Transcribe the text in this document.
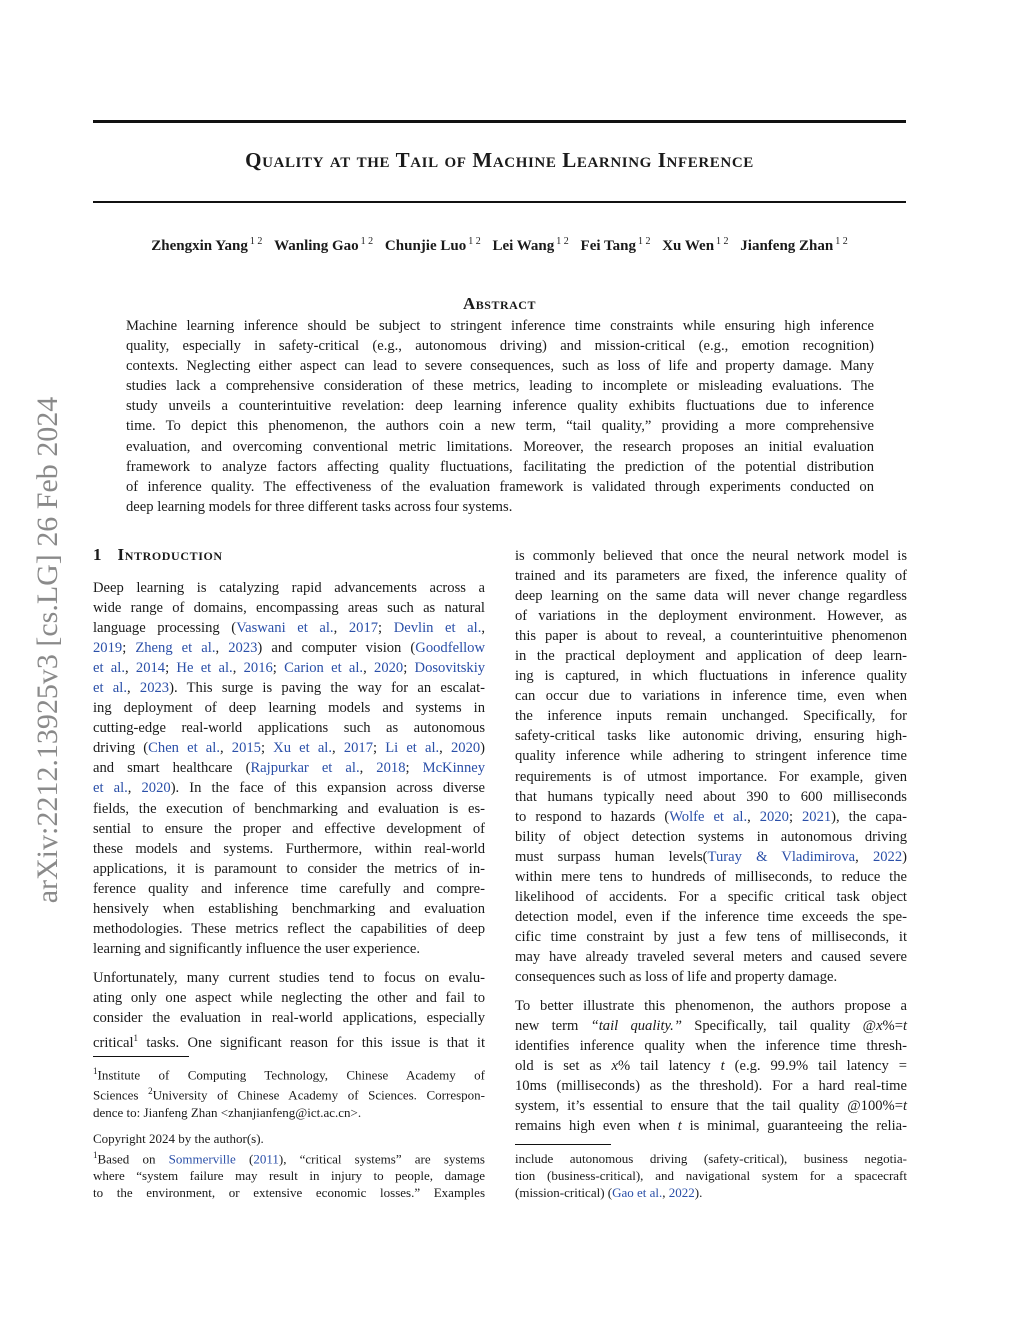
arXiv:2212.13925v3 [cs.LG] 26 Feb 2024
Quality at the Tail of Machine Learning Inference
Zhengxin Yang $^{1 2}$ Wanling Gao $^{1 2}$ Chunjie Luo $^{1 2}$ Lei Wang $^{1 2}$ Fei Tang $^{1 2}$ Xu Wen $^{1 2}$ Jianfeng Zhan $^{1 2}$
Abstract
Machine learning inference should be subject to stringent inference time constraints while ensuring high inference
quality, especially in safety-critical (e.g., autonomous driving) and mission-critical (e.g., emotion recognition)
contexts. Neglecting either aspect can lead to severe consequences, such as loss of life and property damage. Many
studies lack a comprehensive consideration of these metrics, leading to incomplete or misleading evaluations. The
study unveils a counterintuitive revelation: deep learning inference quality exhibits fluctuations due to inference
time. To depict this phenomenon, the authors coin a new term, “tail quality,” providing a more comprehensive
evaluation, and overcoming conventional metric limitations. Moreover, the research proposes an initial evaluation
framework to analyze factors affecting quality fluctuations, facilitating the prediction of the potential distribution
of inference quality. The effectiveness of the evaluation framework is validated through experiments conducted on
deep learning models for three different tasks across four systems.
1 Introduction
Deep learning is catalyzing rapid advancements across a
wide range of domains, encompassing areas such as natural
language processing (Vaswani et al., 2017; Devlin et al.,
2019; Zheng et al., 2023) and computer vision (Goodfellow
et al., 2014; He et al., 2016; Carion et al., 2020; Dosovitskiy
et al., 2023). This surge is paving the way for an escalat-
ing deployment of deep learning models and systems in
cutting-edge real-world applications such as autonomous
driving (Chen et al., 2015; Xu et al., 2017; Li et al., 2020)
and smart healthcare (Rajpurkar et al., 2018; McKinney
et al., 2020). In the face of this expansion across diverse
fields, the execution of benchmarking and evaluation is es-
sential to ensure the proper and effective development of
these models and systems. Furthermore, within real-world
applications, it is paramount to consider the metrics of in-
ference quality and inference time carefully and compre-
hensively when establishing benchmarking and evaluation
methodologies. These metrics reflect the capabilities of deep
learning and significantly influence the user experience.
Unfortunately, many current studies tend to focus on evalu-
ating only one aspect while neglecting the other and fail to
consider the evaluation in real-world applications, especially
critical$^1$ tasks. One significant reason for this issue is that it
$^1$Institute of Computing Technology, Chinese Academy of
Sciences $^2$University of Chinese Academy of Sciences. Correspon-
dence to: Jianfeng Zhan <zhanjianfeng@ict.ac.cn>.
Copyright 2024 by the author(s).
$^1$Based on Sommerville (2011), “critical systems” are systems
where “system failure may result in injury to people, damage
to the environment, or extensive economic losses.” Examples
is commonly believed that once the neural network model is
trained and its parameters are fixed, the inference quality of
deep learning on the same data will never change regardless
of variations in the deployment environment. However, as
this paper is about to reveal, a counterintuitive phenomenon
in the practical deployment and application of deep learn-
ing is captured, in which fluctuations in inference quality
can occur due to variations in inference time, even when
the inference inputs remain unchanged. Specifically, for
safety-critical tasks like autonomic driving, ensuring high-
quality inference while adhering to stringent inference time
requirements is of utmost importance. For example, given
that humans typically need about 390 to 600 milliseconds
to respond to hazards (Wolfe et al., 2020; 2021), the capa-
bility of object detection systems in autonomous driving
must surpass human levels(Turay & Vladimirova, 2022)
within mere tens to hundreds of milliseconds, to reduce the
likelihood of accidents. For a specific critical task object
detection model, even if the inference time exceeds the spe-
cific time constraint by just a few tens of milliseconds, it
may have already traveled several meters and caused severe
consequences such as loss of life and property damage.
To better illustrate this phenomenon, the authors propose a
new term “tail quality.” Specifically, tail quality @x%=t
identifies inference quality when the inference time thresh-
old is set as x% tail latency t (e.g. 99.9% tail latency =
10ms (milliseconds) as the threshold). For a hard real-time
system, it’s essential to ensure that the tail quality @100%=t
remains high even when t is minimal, guaranteeing the relia-
include autonomous driving (safety-critical), business negotia-
tion (business-critical), and navigational system for a spacecraft
(mission-critical) (Gao et al., 2022).
